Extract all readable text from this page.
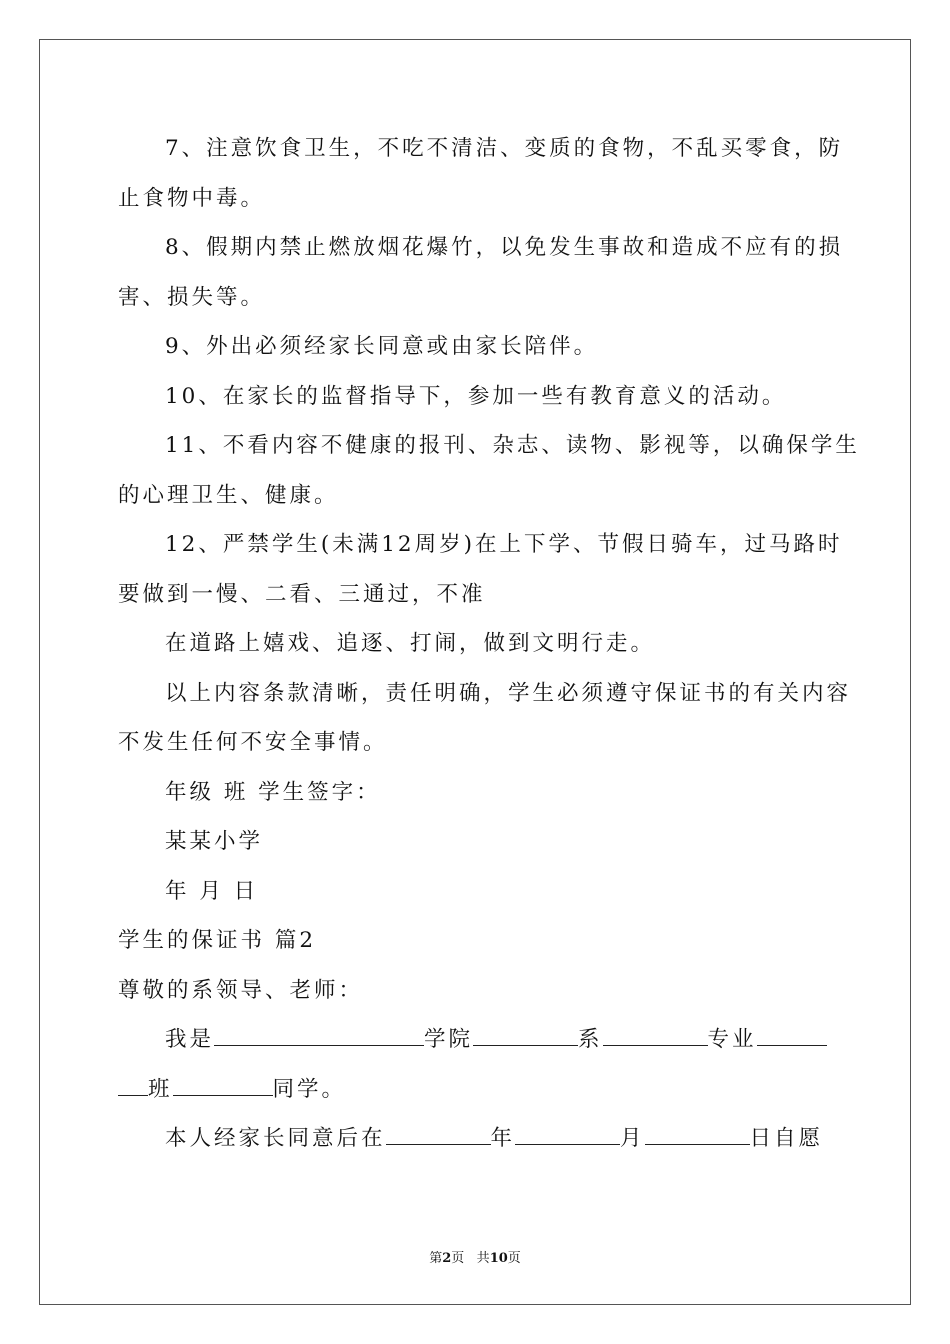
7、注意饮食卫生，不吃不清洁、变质的食物，不乱买零食，防
止食物中毒。
8、假期内禁止燃放烟花爆竹，以免发生事故和造成不应有的损
害、损失等。
9、外出必须经家长同意或由家长陪伴。
10、在家长的监督指导下，参加一些有教育意义的活动。
11、不看内容不健康的报刊、杂志、读物、影视等，以确保学生
的心理卫生、健康。
12、严禁学生(未满12周岁)在上下学、节假日骑车，过马路时
要做到一慢、二看、三通过，不准
在道路上嬉戏、追逐、打闹，做到文明行走。
以上内容条款清晰，责任明确，学生必须遵守保证书的有关内容
不发生任何不安全事情。
年级 班 学生签字：
某某小学
年 月 日
学生的保证书 篇2
尊敬的系领导、老师：
我是	学院	系	专业
班	同学。
本人经家长同意后在	年	月	日自愿
第2页 共10页
